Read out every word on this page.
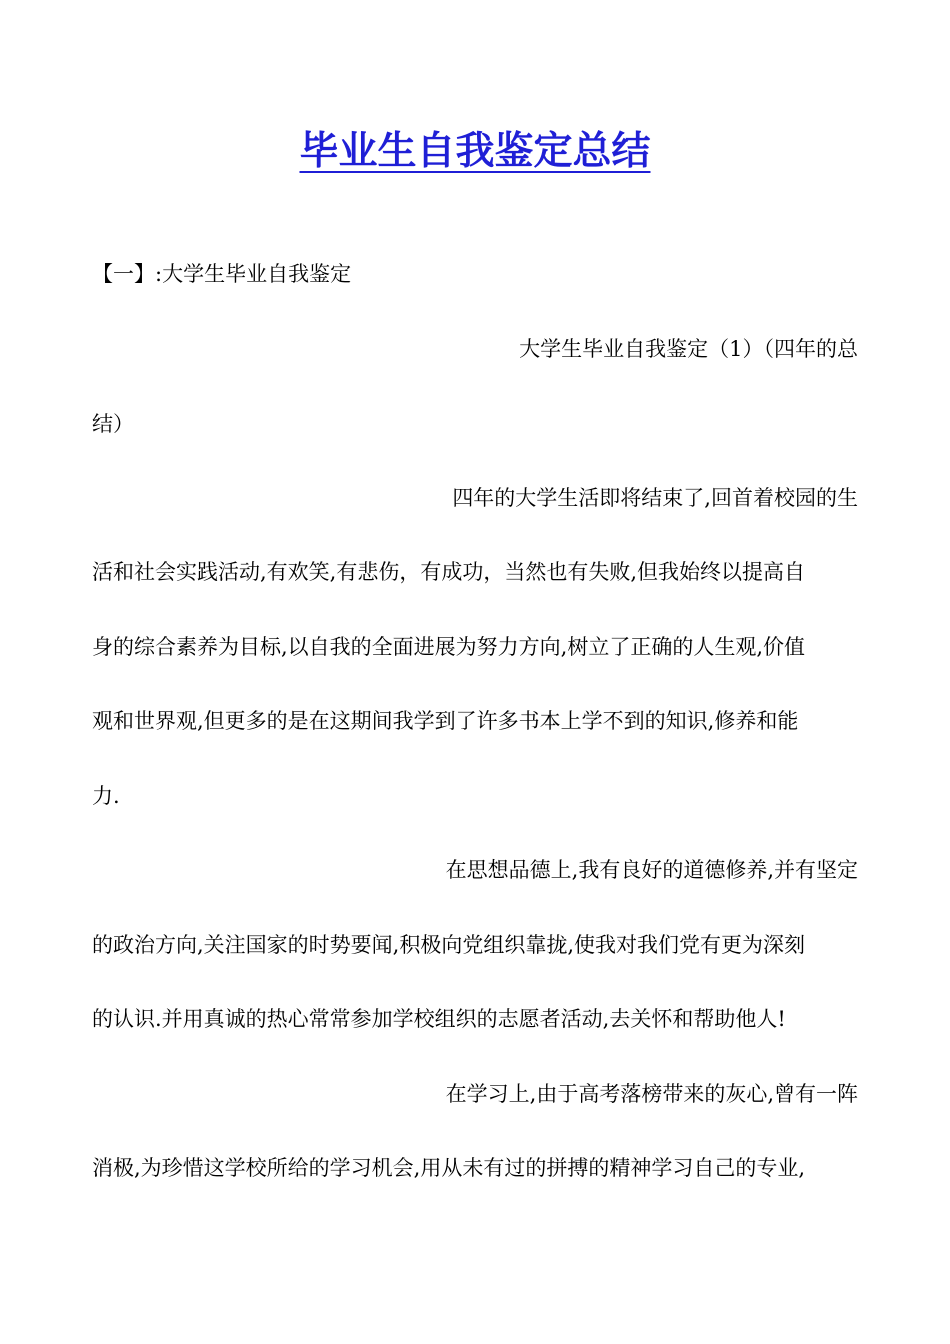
毕业生自我鉴定总结
【一】:大学生毕业自我鉴定
大学生毕业自我鉴定（1）（四年的总
结）
四年的大学生活即将结束了,回首着校园的生
活和社会实践活动,有欢笑,有悲伤，有成功，当然也有失败,但我始终以提高自
身的综合素养为目标,以自我的全面进展为努力方向,树立了正确的人生观,价值
观和世界观,但更多的是在这期间我学到了许多书本上学不到的知识,修养和能
力.
在思想品德上,我有良好的道德修养,并有坚定
的政治方向,关注国家的时势要闻,积极向党组织靠拢,使我对我们党有更为深刻
的认识.并用真诚的热心常常参加学校组织的志愿者活动,去关怀和帮助他人!
在学习上,由于高考落榜带来的灰心,曾有一阵
消极,为珍惜这学校所给的学习机会,用从未有过的拼搏的精神学习自己的专业,
